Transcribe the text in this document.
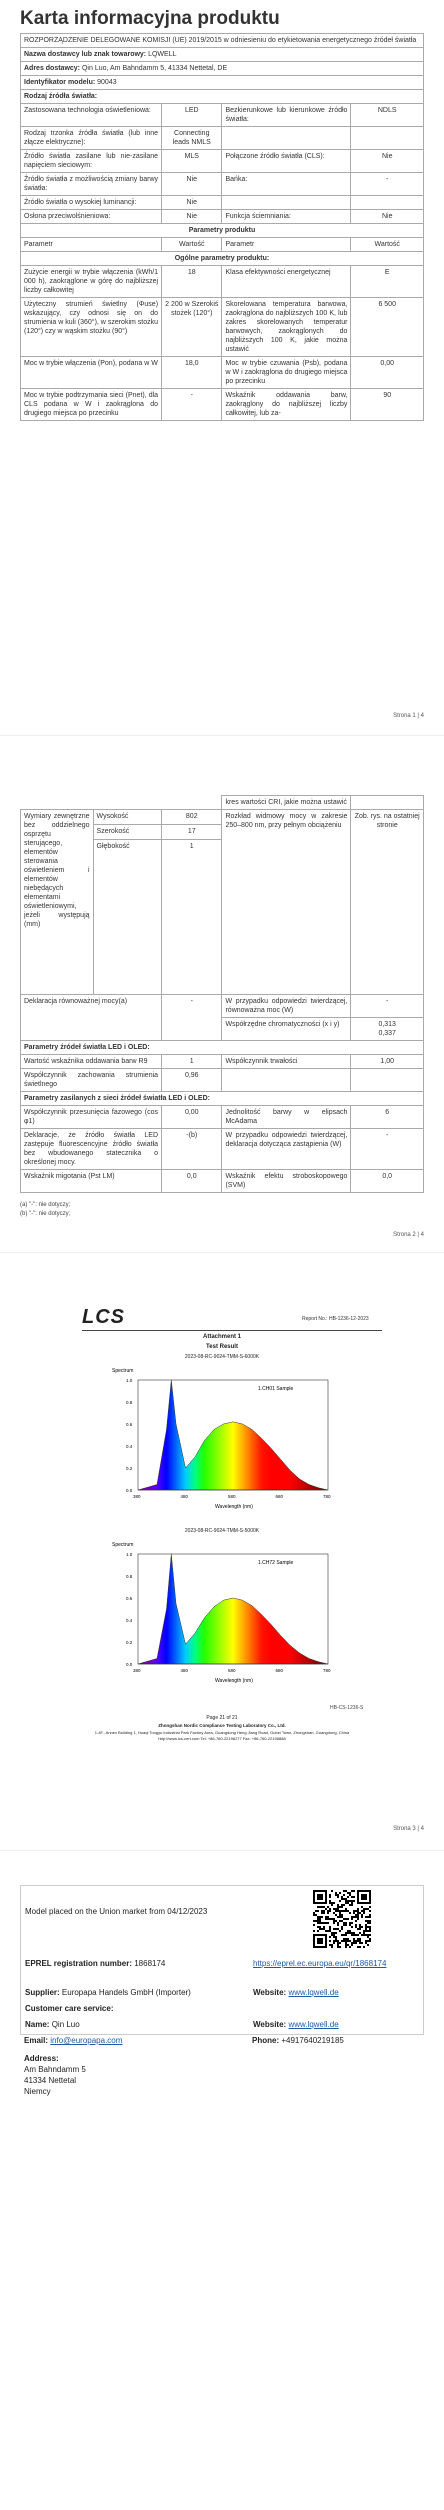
Karta informacyjna produktu
ROZPORZĄDZENIE DELEGOWANE KOMISJI (UE) 2019/2015 w odniesieniu do etykietowania energetycznego źródeł światła			
Nazwa dostawcy lub znak towarowy: LQWELL			
Adres dostawcy: Qin Luo, Am Bahndamm 5, 41334 Nettetal, DE			
Identyfikator modelu: 90043			
Rodzaj źródła światła:			
Zastosowana technologia oświetleniowa:	LED	Bezkierunkowe lub kierunkowe źródło światła:	NDLS
Rodzaj trzonka źródła światła (lub inne złącze elektryczne):	Connecting leads NMLS		
Źródło światła zasilane lub nie-zasilane napięciem sieciowym:	MLS	Połączone źródło światła (CLS):	Nie
Źródło światła z możliwością zmiany barwy światła:	Nie	Bańka:	-
Źródło światła o wysokiej luminancji:	Nie		
Osłona przeciwolśnieniowa:	Nie	Funkcja ściemniania:	Nie
Parametry produktu			
Parametr	Wartość	Parametr	Wartość
Ogólne parametry produktu:			
Zużycie energii w trybie włączenia (kWh/1 000 h), zaokrąglone w górę do najbliższej liczby całkowitej	18	Klasa efektywności energetycznej	E
Użyteczny strumień świetlny (Φuse) wskazujący, czy odnosi się on do strumienia w kuli (360°), w szerokim stożku (120°) czy w wąskim stożku (90°)	2 200 w Szerokiś stożek (120°)	Skorelowana temperatura barwowa, zaokrąglona do najbliższych 100 K, lub zakres skorelowanych temperatur barwowych, zaokrąglonych do najbliższych 100 K, jakie można ustawić	6 500
Moc w trybie włączenia (Pon), podana w W	18,0	Moc w trybie czuwania (Psb), podana w W i zaokrąglona do drugiego miejsca po przecinku	0,00
Moc w trybie podtrzymania sieci (Pnet), dla CLS podana w W i zaokrąglona do drugiego miejsca po przecinku	-	Wskaźnik oddawania barw, zaokrąglony do najbliższej liczby całkowitej, lub za-	90
Strona 1 | 4
			kres wartości CRI, jakie można ustawić	
Wymiary zewnętrzne bez oddzielnego osprzętu sterującego, elementów sterowania oświetleniem i elementów niebędących elementami oświetleniowymi, jeżeli występują (mm)	Wysokość	802	Rozkład widmowy mocy w zakresie 250–800 nm, przy pełnym obciążeniu	Zob. rys. na ostatniej stronie
	Szerokość	17		
	Głębokość	1		
Deklaracja równoważnej mocy(a)		-	W przypadku odpowiedzi twierdzącej, równoważna moc (W)	-
			Współrzędne chromatyczności (x i y)	0,313
0,337

Parametry źródeł światła LED i OLED:				
Wartość wskaźnika oddawania barw R9		1	Współczynnik trwałości	1,00
Współczynnik zachowania strumienia świetlnego		0,96		
Parametry zasilanych z sieci źródeł światła LED i OLED:				
Współczynnik przesunięcia fazowego (cos φ1)		0,00	Jednolitość barwy w elipsach McAdama	6
Deklaracje, że źródło światła LED zastępuje fluorescencyjne źródło światła bez wbudowanego statecznika o określonej mocy.		-(b)	W przypadku odpowiedzi twierdzącej, deklaracja dotycząca zastąpienia (W)	-
Wskaźnik migotania (Pst LM)		0,0	Wskaźnik efektu stroboskopowego (SVM)	0,0
(a) "-": nie dotyczy;
(b) "-": nie dotyczy;
Strona 2 | 4
LCS	Report No.: HB-1236-12-2023
Attachment 1
Test Result
2023-08-RC-9024-TMM-S-6000K
Spectrum
Wavelength (nm)
1.CH01 Sample
380	480	580	680	780
1.0
0.8
0.6
0.4
0.2
0.0
2023-08-RC-9024-TMM-S-5000K
Spectrum
Wavelength (nm)
1.CH72 Sample
380	480	580	680	780
1.0
0.8
0.6
0.4
0.2
0.0
HB-CS-1236-S
Page 21 of 21
Zhongshan Nordic Compliance Testing Laboratory Co., Ltd.
1-4F., Annex Building 1, Huaqi Tongyu Industrial Park Factory Area, Guangdong Heng Jiang Road, Gubei Town, Zhongshan, Guangdong, China
http://www.lcs-cert.com Tel: +86-760-22196277 Fax: +86-760-22198888
Strona 3 | 4
Model placed on the Union market from 04/12/2023
EPREL registration number: 1868174	https://eprel.ec.europa.eu/qr/1868174
Supplier: Europapa Handels GmbH (Importer)	Website: www.lqwell.de
Customer care service:
Name: Qin Luo	Website: www.lqwell.de
Email: info@europapa.com	Phone: +4917640219185
Address:
Am Bahndamm 5
41334 Nettetal
Niemcy
